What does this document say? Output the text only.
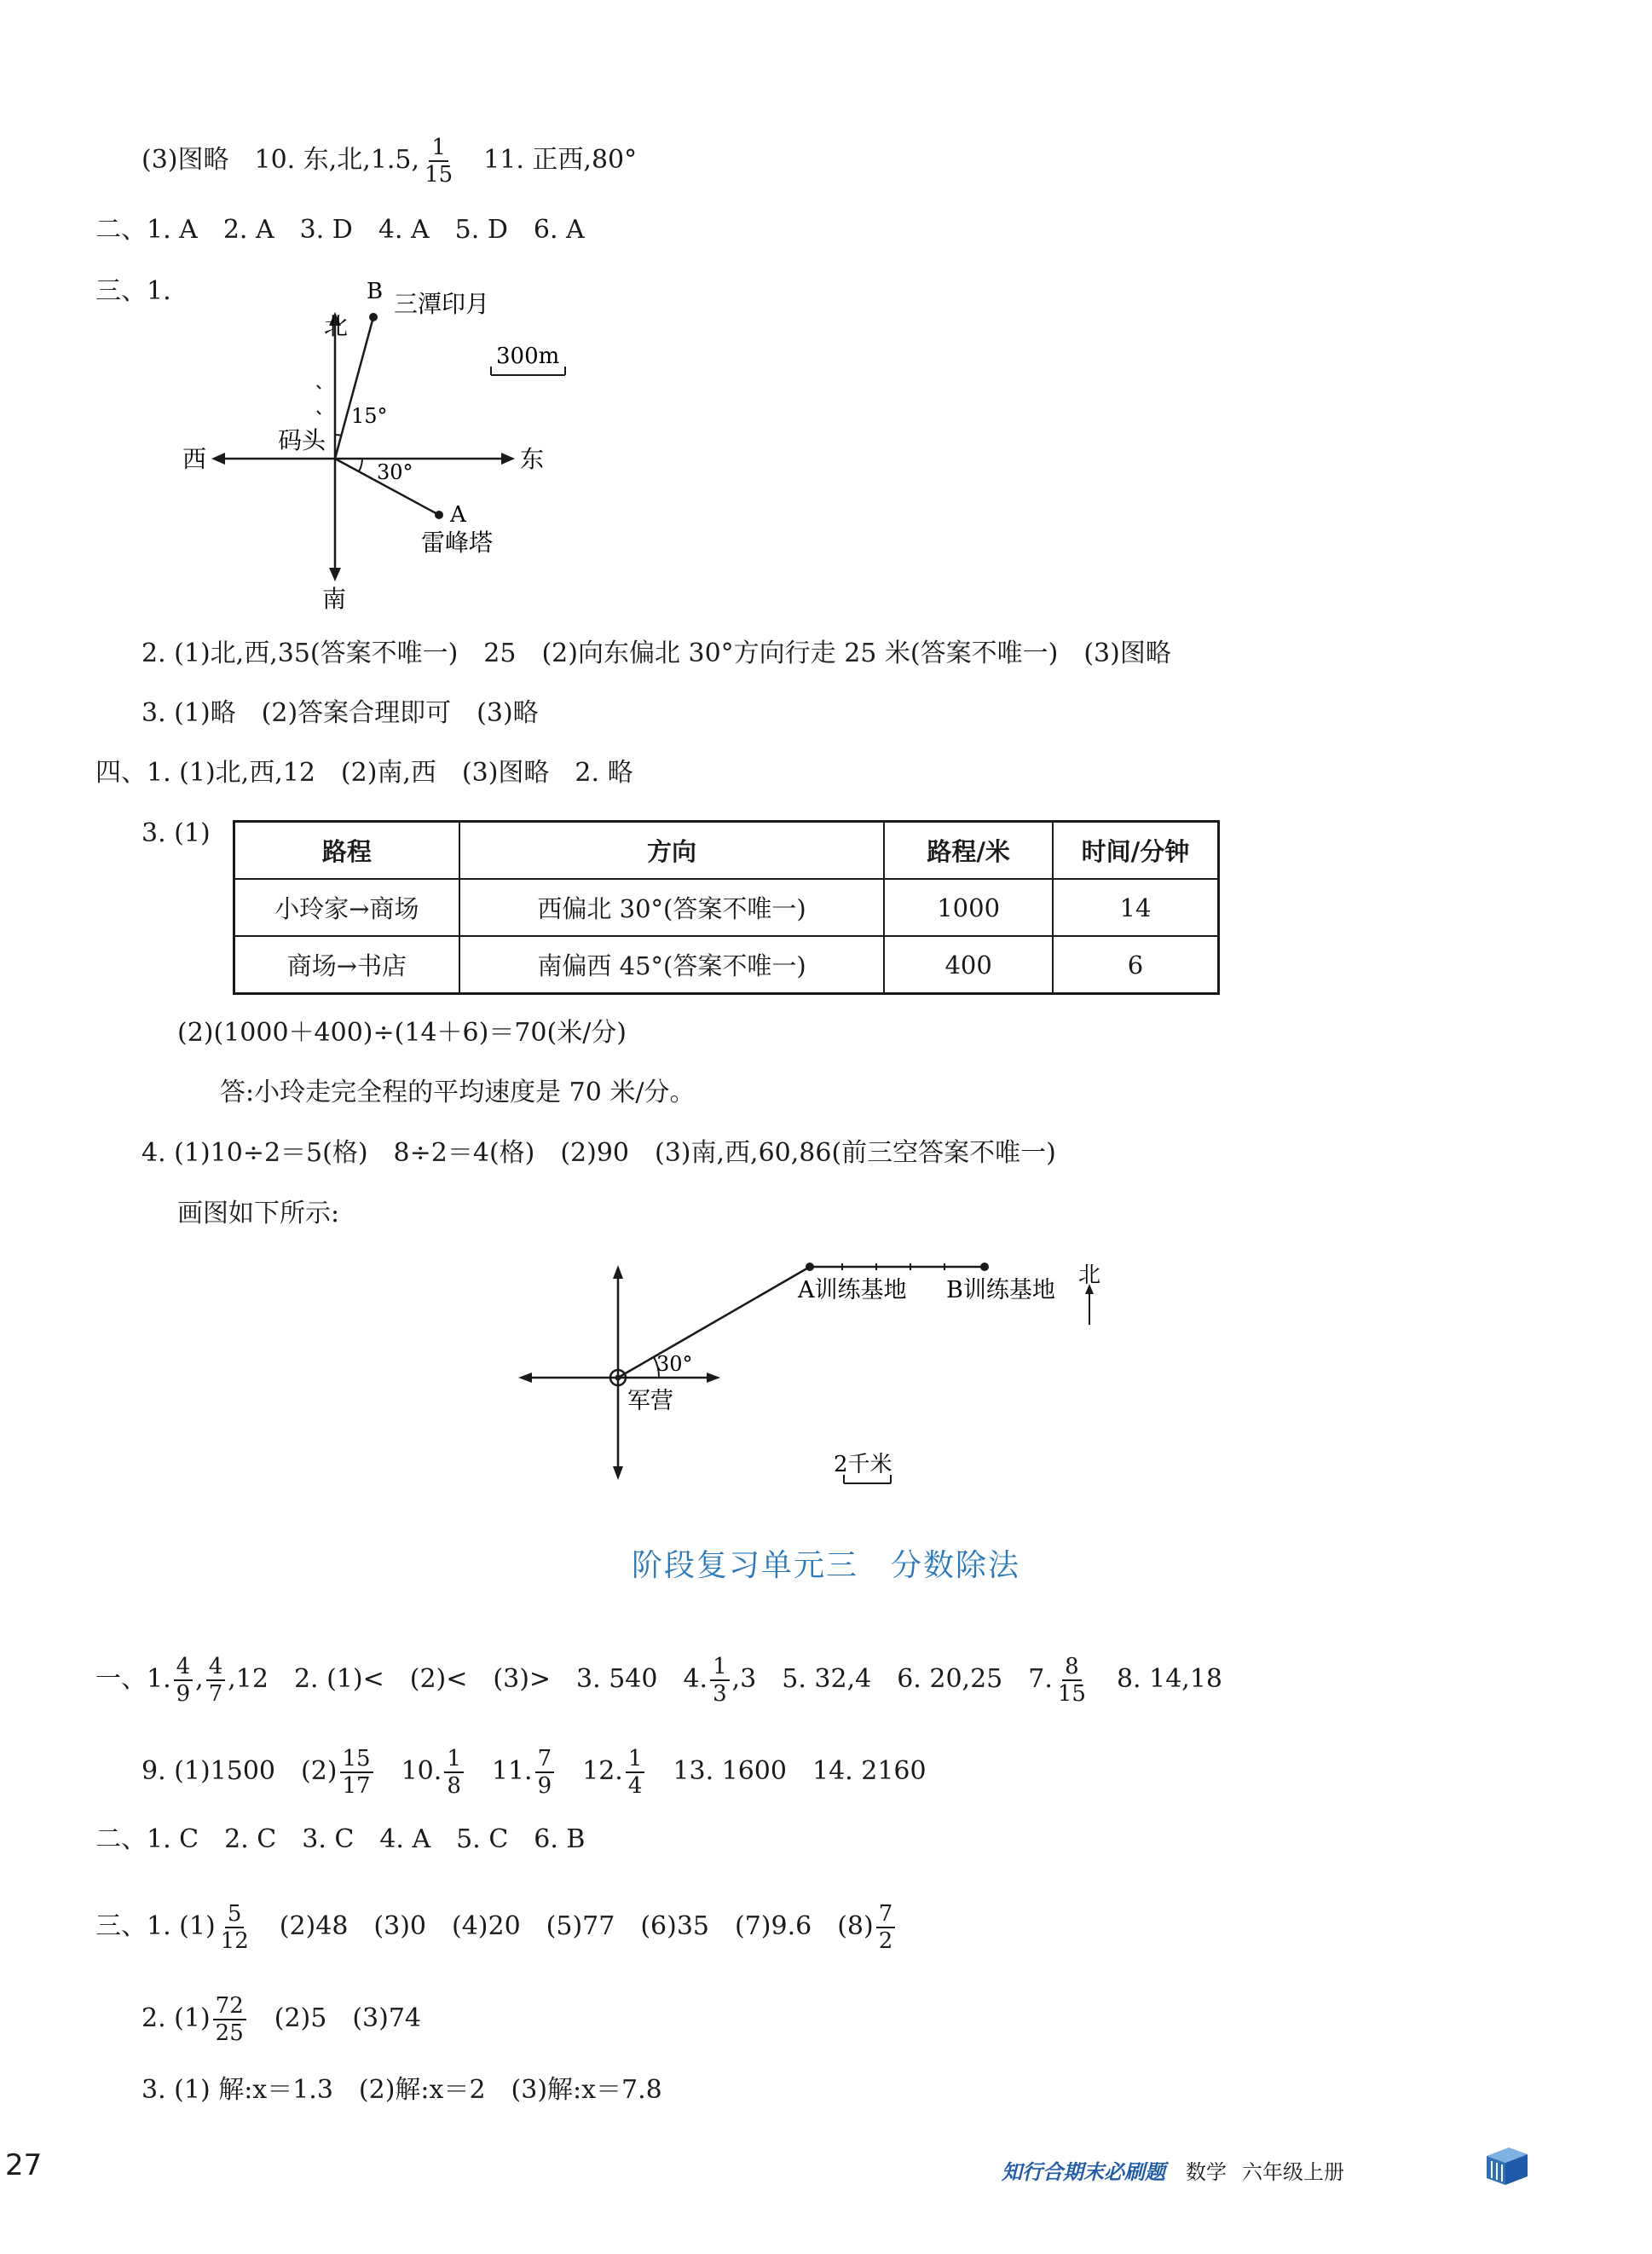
(3)图略　10. 东,北,1.5, $\frac{1}{15}$ 　11. 正西,80°
二、1. A　2. A　3. D　4. A　5. D　6. A
三、1.
北
南
东
西
码头
B 三潭印月
A
雷峰塔
15°
30°
300m
2. (1)北,西,35(答案不唯一)　25　(2)向东偏北 30°方向行走 25 米(答案不唯一)　(3)图略
3. (1)略　(2)答案合理即可　(3)略
四、1. (1)北,西,12　(2)南,西　(3)图略　2. 略
3. (1)
路程	方向	路程/米	时间/分钟
小玲家→商场	西偏北 30°(答案不唯一)	1000	14
商场→书店	南偏西 45°(答案不唯一)	400	6
(2)(1000＋400)÷(14＋6)＝70(米/分)
答:小玲走完全程的平均速度是 70 米/分。
4. (1)10÷2＝5(格)　8÷2＝4(格)　(2)90　(3)南,西,60,86(前三空答案不唯一)
画图如下所示:
A训练基地 B训练基地
北
军营
30°
2千米
阶段复习单元三　分数除法
一、1. $\frac{4}{9}$ , $\frac{4}{7} ,12$　2. (1)<　(2)<　(3)>　3. 540　4. $\frac{1}{3} ,3$　5. 32,4　6. 20,25　7. $\frac{8}{15}$ 　8. 14,18
9. (1)1500　$(2) \frac{15}{17}$ 　10. $\frac{1}{8}$ 　11. $\frac{7}{9}$ 　12. $\frac{1}{4}$ 　13. 1600　14. 2160
二、1. C　2. C　3. C　4. A　5. C　6. B
三、1. $(1) \frac{5}{12}$ 　(2)48　(3)0　(4)20　(5)77　(6)35　(7)9.6　$(8) \frac{7}{2}$
2. $(1) \frac{72}{25}$ 　(2)5　(3)74
3. (1) 解:x＝1.3　(2)解:x＝2　(3)解:x＝7.8
27	知行合期末必刷题 数学 六年级上册
